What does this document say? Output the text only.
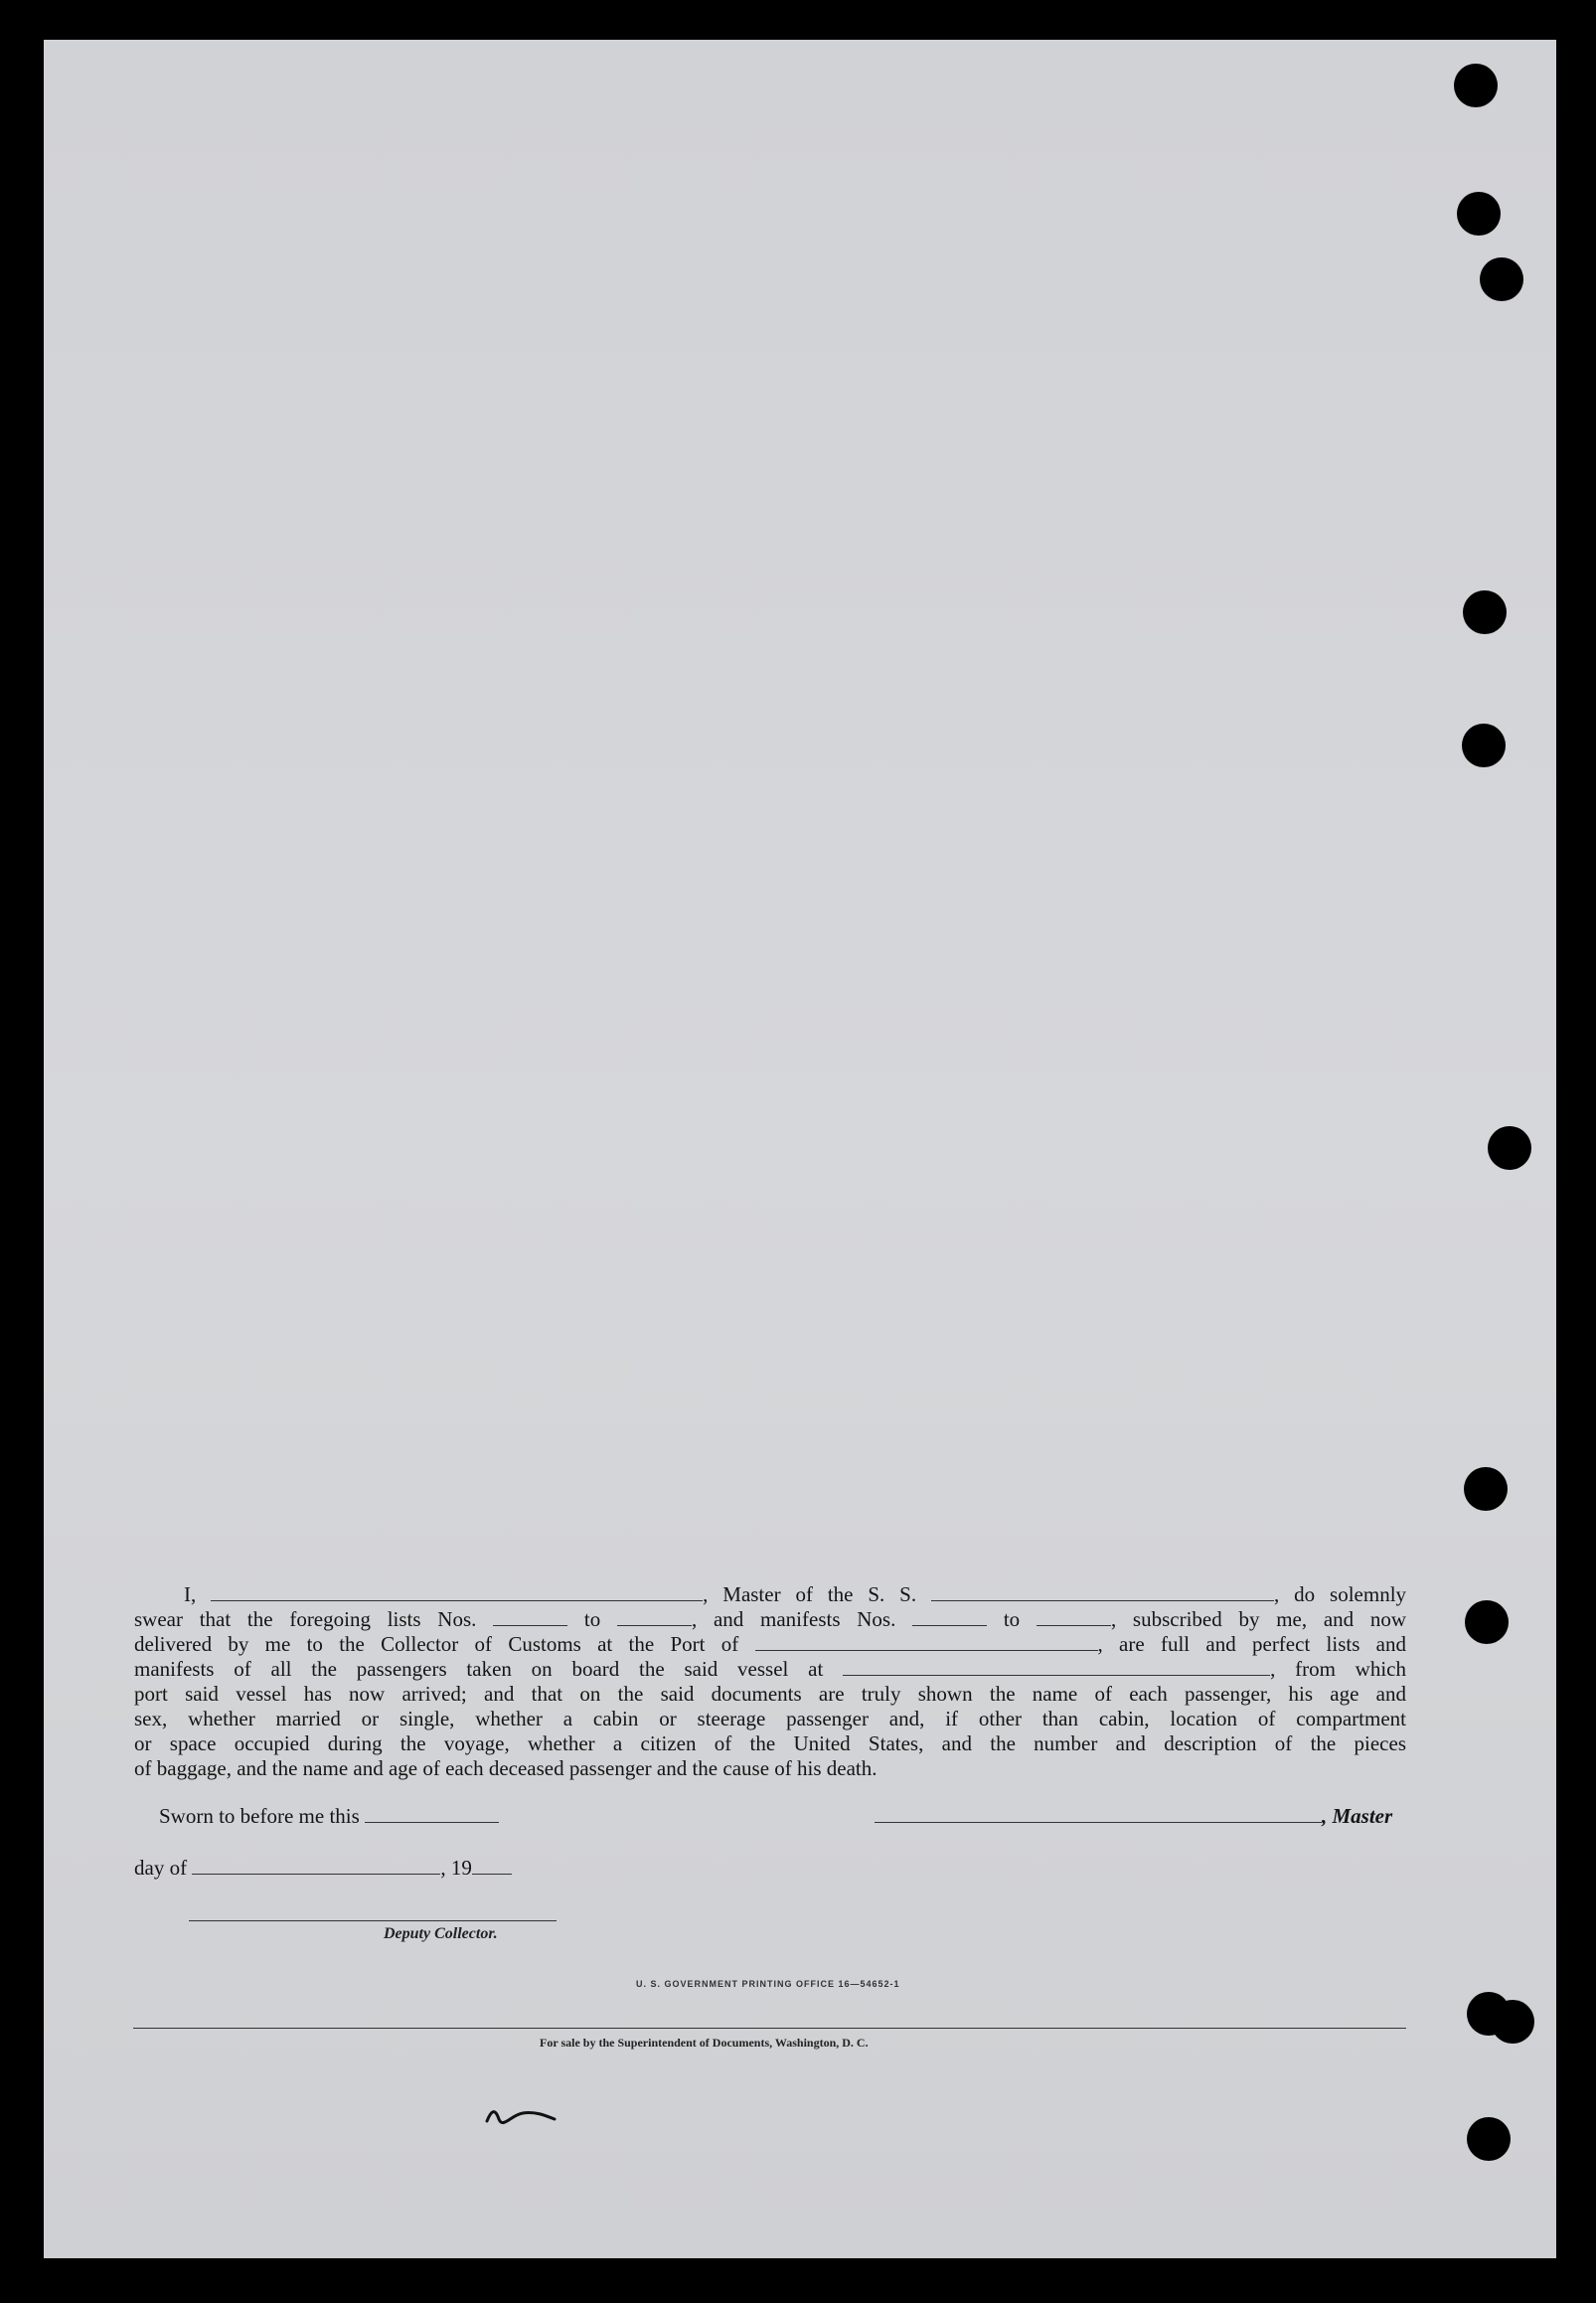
I,	, Master of the S. S.	, do solemnly

swear that the foregoing lists Nos.	to	, and manifests Nos.	to	, subscribed by me, and now

delivered by me to the Collector of Customs at the Port of	, are full and perfect lists and

manifests of all the passengers taken on board the said vessel at	, from which

port said vessel has now arrived; and that on the said documents are truly shown the name of each passenger, his age and

sex, whether married or single, whether a cabin or steerage passenger and, if other than cabin, location of compartment

or space occupied during the voyage, whether a citizen of the United States, and the number and description of the pieces

of baggage, and the name and age of each deceased passenger and the cause of his death.

Sworn to before me this	, Master
day of	, 19
Deputy Collector.
U. S. GOVERNMENT PRINTING OFFICE 16—54652-1
For sale by the Superintendent of Documents, Washington, D. C.
